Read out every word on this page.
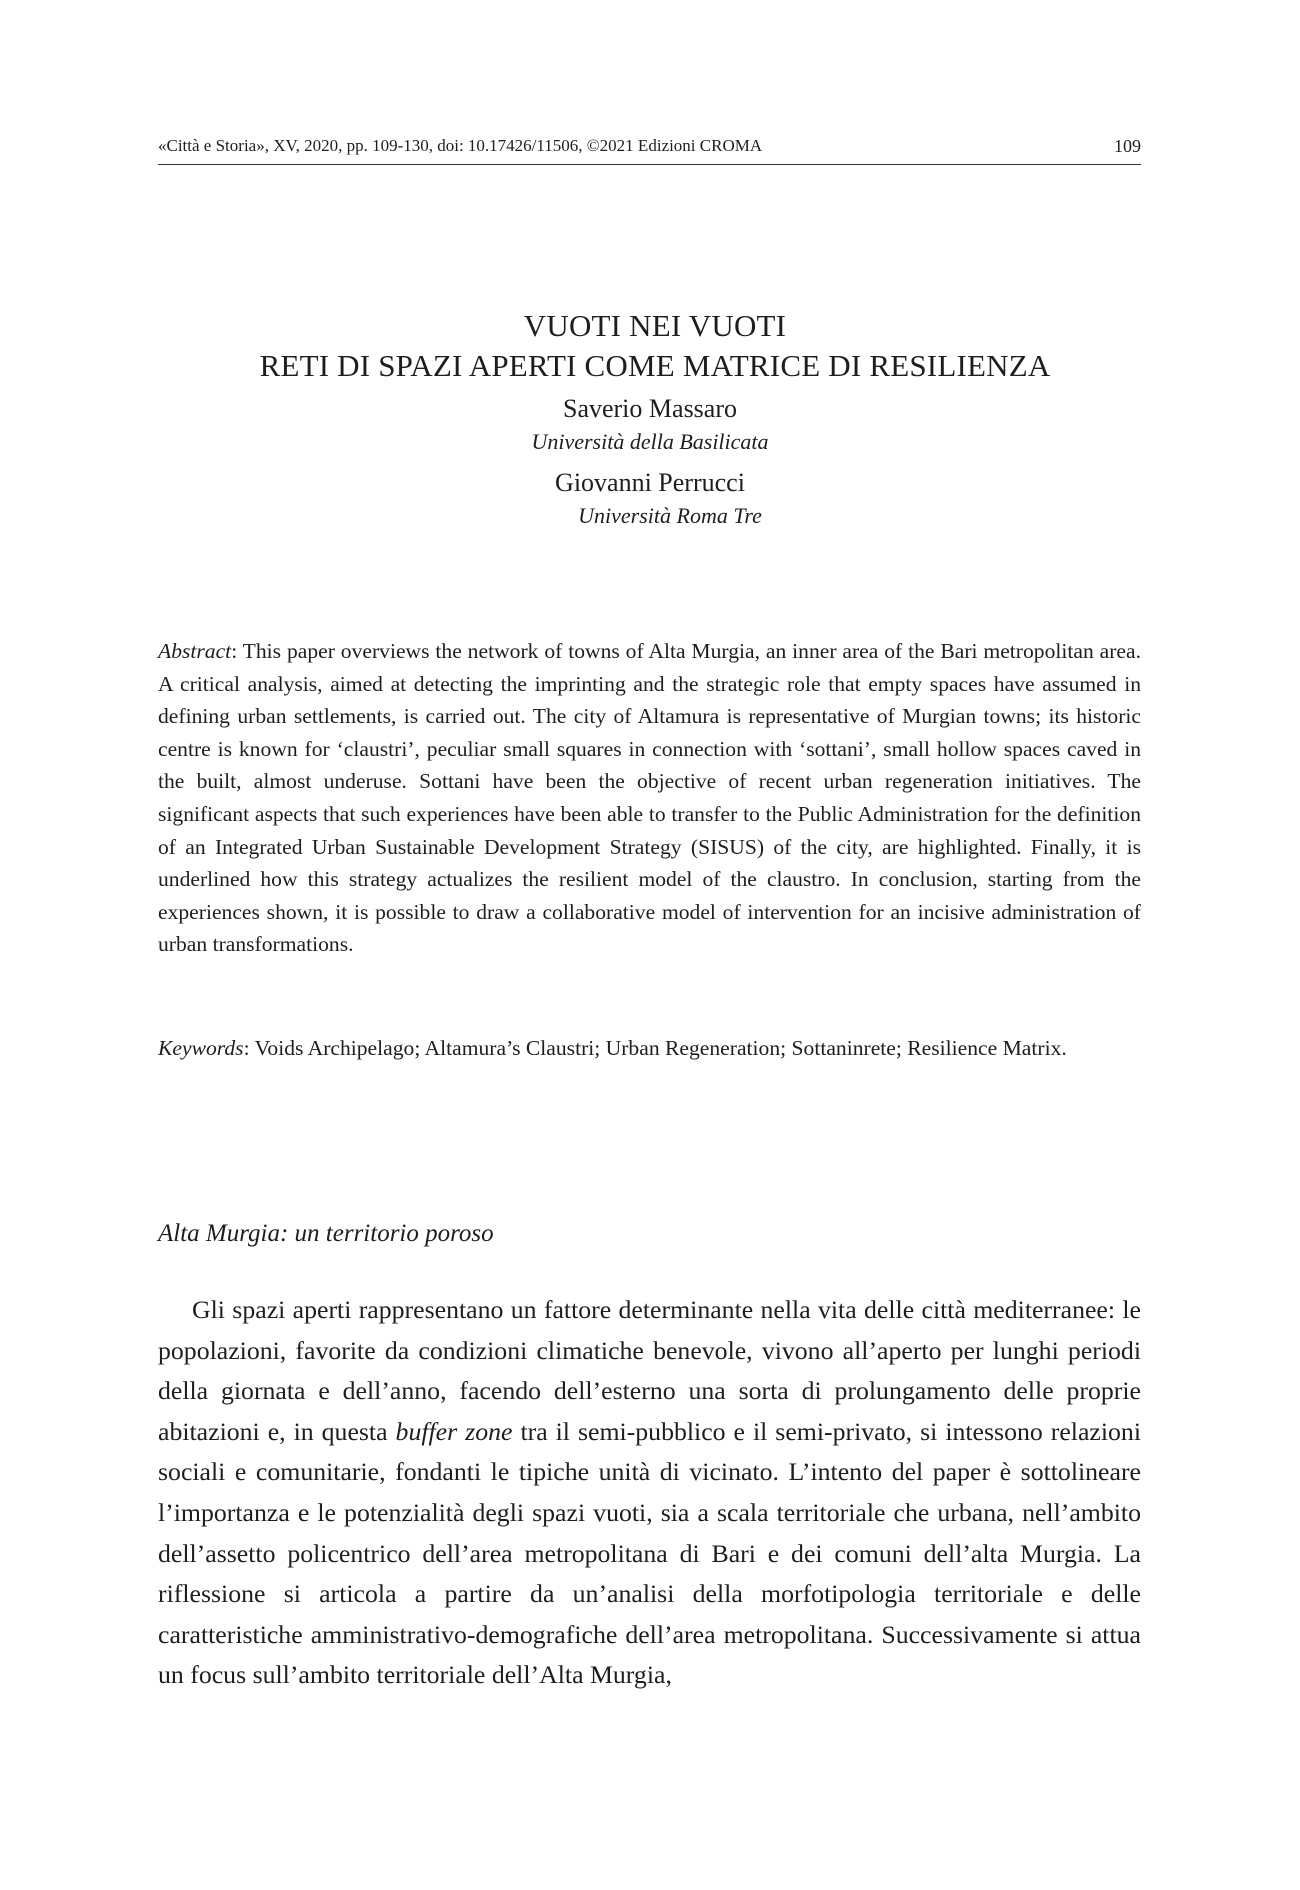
«Città e Storia», XV, 2020, pp. 109-130, doi: 10.17426/11506, ©2021 Edizioni CROMA	109
VUOTI NEI VUOTI
RETI DI SPAZI APERTI COME MATRICE DI RESILIENZA
Saverio Massaro
Università della Basilicata
Giovanni Perrucci
Università Roma Tre
Abstract: This paper overviews the network of towns of Alta Murgia, an inner area of the Bari metropolitan area. A critical analysis, aimed at detecting the imprinting and the strategic role that empty spaces have assumed in defining urban settlements, is carried out. The city of Altamura is representative of Murgian towns; its historic centre is known for ‘claustri’, peculiar small squares in connection with ‘sottani’, small hollow spaces caved in the built, almost underuse. Sottani have been the objective of recent urban regeneration initiatives. The significant aspects that such experiences have been able to transfer to the Public Administration for the definition of an Integrated Urban Sustainable Development Strategy (SISUS) of the city, are highlighted. Finally, it is underlined how this strategy actualizes the resilient model of the claustro. In conclusion, starting from the experiences shown, it is possible to draw a collaborative model of intervention for an incisive administration of urban transformations.
Keywords: Voids Archipelago; Altamura’s Claustri; Urban Regeneration; Sottaninrete; Resilience Matrix.
Alta Murgia: un territorio poroso
Gli spazi aperti rappresentano un fattore determinante nella vita delle città mediterranee: le popolazioni, favorite da condizioni climatiche benevole, vivono all’aperto per lunghi periodi della giornata e dell’anno, facendo dell’esterno una sorta di prolungamento delle proprie abitazioni e, in questa buffer zone tra il semi-pubblico e il semi-privato, si intessono relazioni sociali e comunitarie, fondanti le tipiche unità di vicinato. L’intento del paper è sottolineare l’importanza e le potenzialità degli spazi vuoti, sia a scala territoriale che urbana, nell’ambito dell’assetto policentrico dell’area metropolitana di Bari e dei comuni dell’alta Murgia. La riflessione si articola a partire da un’analisi della morfotipologia territoriale e delle caratteristiche amministrativo-demografiche dell’area metropolitana. Successivamente si attua un focus sull’ambito territoriale dell’Alta Murgia,
